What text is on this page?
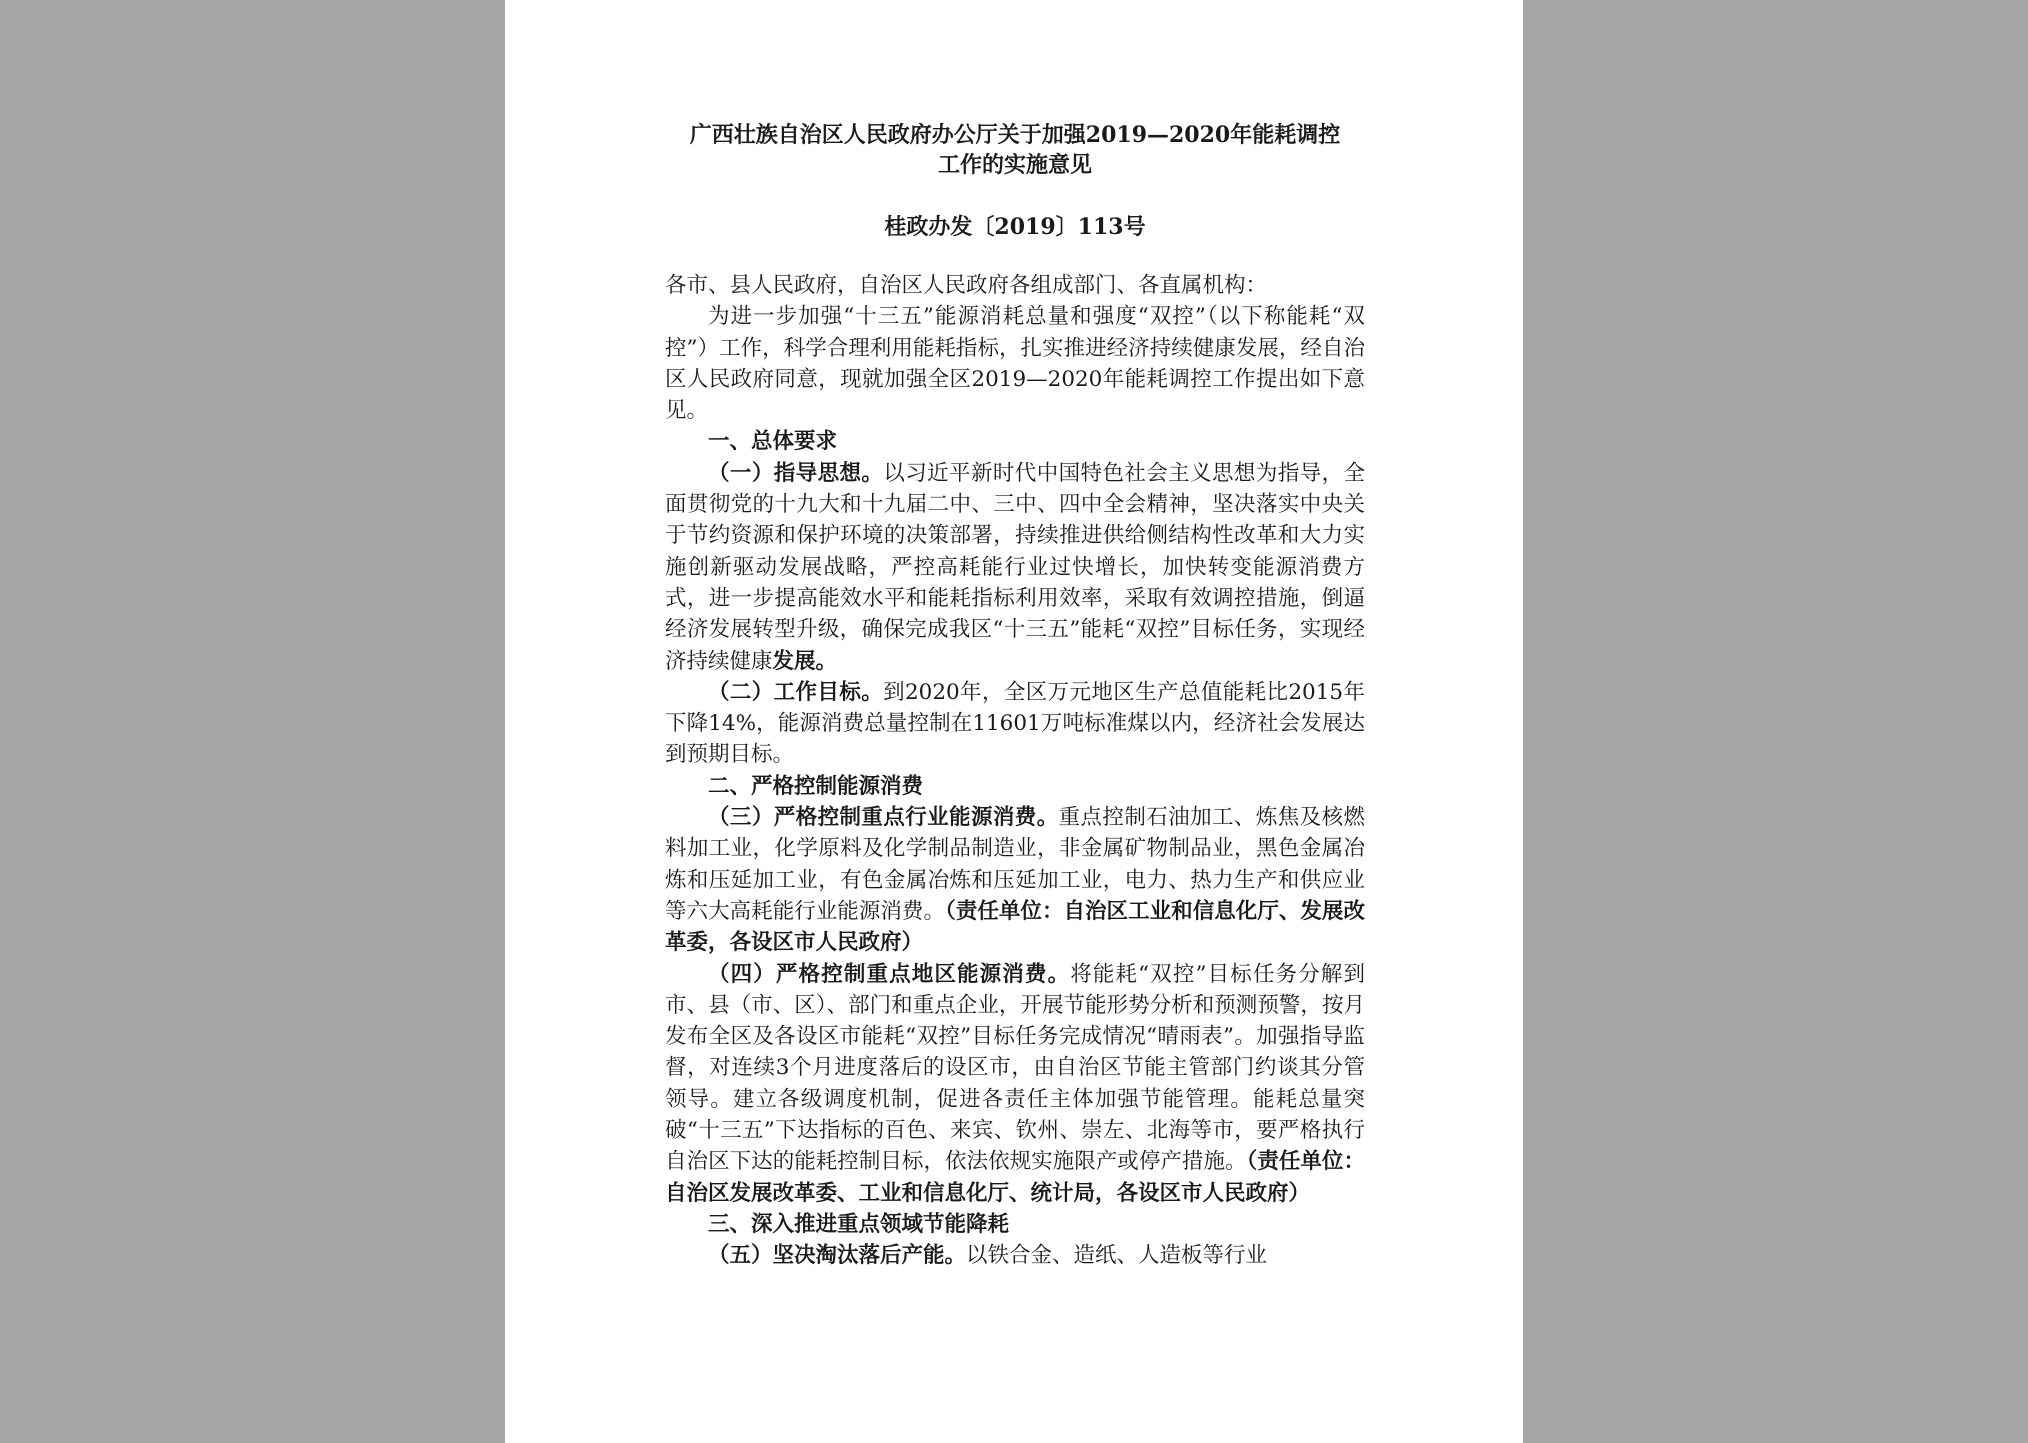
广西壮族自治区人民政府办公厅关于加强2019—2020年能耗调控
工作的实施意见

桂政办发〔2019〕113号

各市、县人民政府，自治区人民政府各组成部门、各直属机构：

为进一步加强“十三五”能源消耗总量和强度“双控”（以下称能耗“双控”）工作，科学合理利用能耗指标，扎实推进经济持续健康发展，经自治区人民政府同意，现就加强全区2019—2020年能耗调控工作提出如下意见。

一、总体要求

（一）指导思想。以习近平新时代中国特色社会主义思想为指导，全面贯彻党的十九大和十九届二中、三中、四中全会精神，坚决落实中央关于节约资源和保护环境的决策部署，持续推进供给侧结构性改革和大力实施创新驱动发展战略，严控高耗能行业过快增长，加快转变能源消费方式，进一步提高能效水平和能耗指标利用效率，采取有效调控措施，倒逼经济发展转型升级，确保完成我区“十三五”能耗“双控”目标任务，实现经济持续健康发展。

（二）工作目标。到2020年，全区万元地区生产总值能耗比2015年下降14%，能源消费总量控制在11601万吨标准煤以内，经济社会发展达到预期目标。

二、严格控制能源消费

（三）严格控制重点行业能源消费。重点控制石油加工、炼焦及核燃料加工业，化学原料及化学制品制造业，非金属矿物制品业，黑色金属冶炼和压延加工业，有色金属冶炼和压延加工业，电力、热力生产和供应业等六大高耗能行业能源消费。（责任单位：自治区工业和信息化厅、发展改革委，各设区市人民政府）

（四）严格控制重点地区能源消费。将能耗“双控”目标任务分解到市、县（市、区）、部门和重点企业，开展节能形势分析和预测预警，按月发布全区及各设区市能耗“双控”目标任务完成情况“晴雨表”。加强指导监督，对连续3个月进度落后的设区市，由自治区节能主管部门约谈其分管领导。建立各级调度机制，促进各责任主体加强节能管理。能耗总量突破“十三五”下达指标的百色、来宾、钦州、崇左、北海等市，要严格执行自治区下达的能耗控制目标，依法依规实施限产或停产措施。（责任单位：自治区发展改革委、工业和信息化厅、统计局，各设区市人民政府）

三、深入推进重点领域节能降耗

（五）坚决淘汰落后产能。以铁合金、造纸、人造板等行业
